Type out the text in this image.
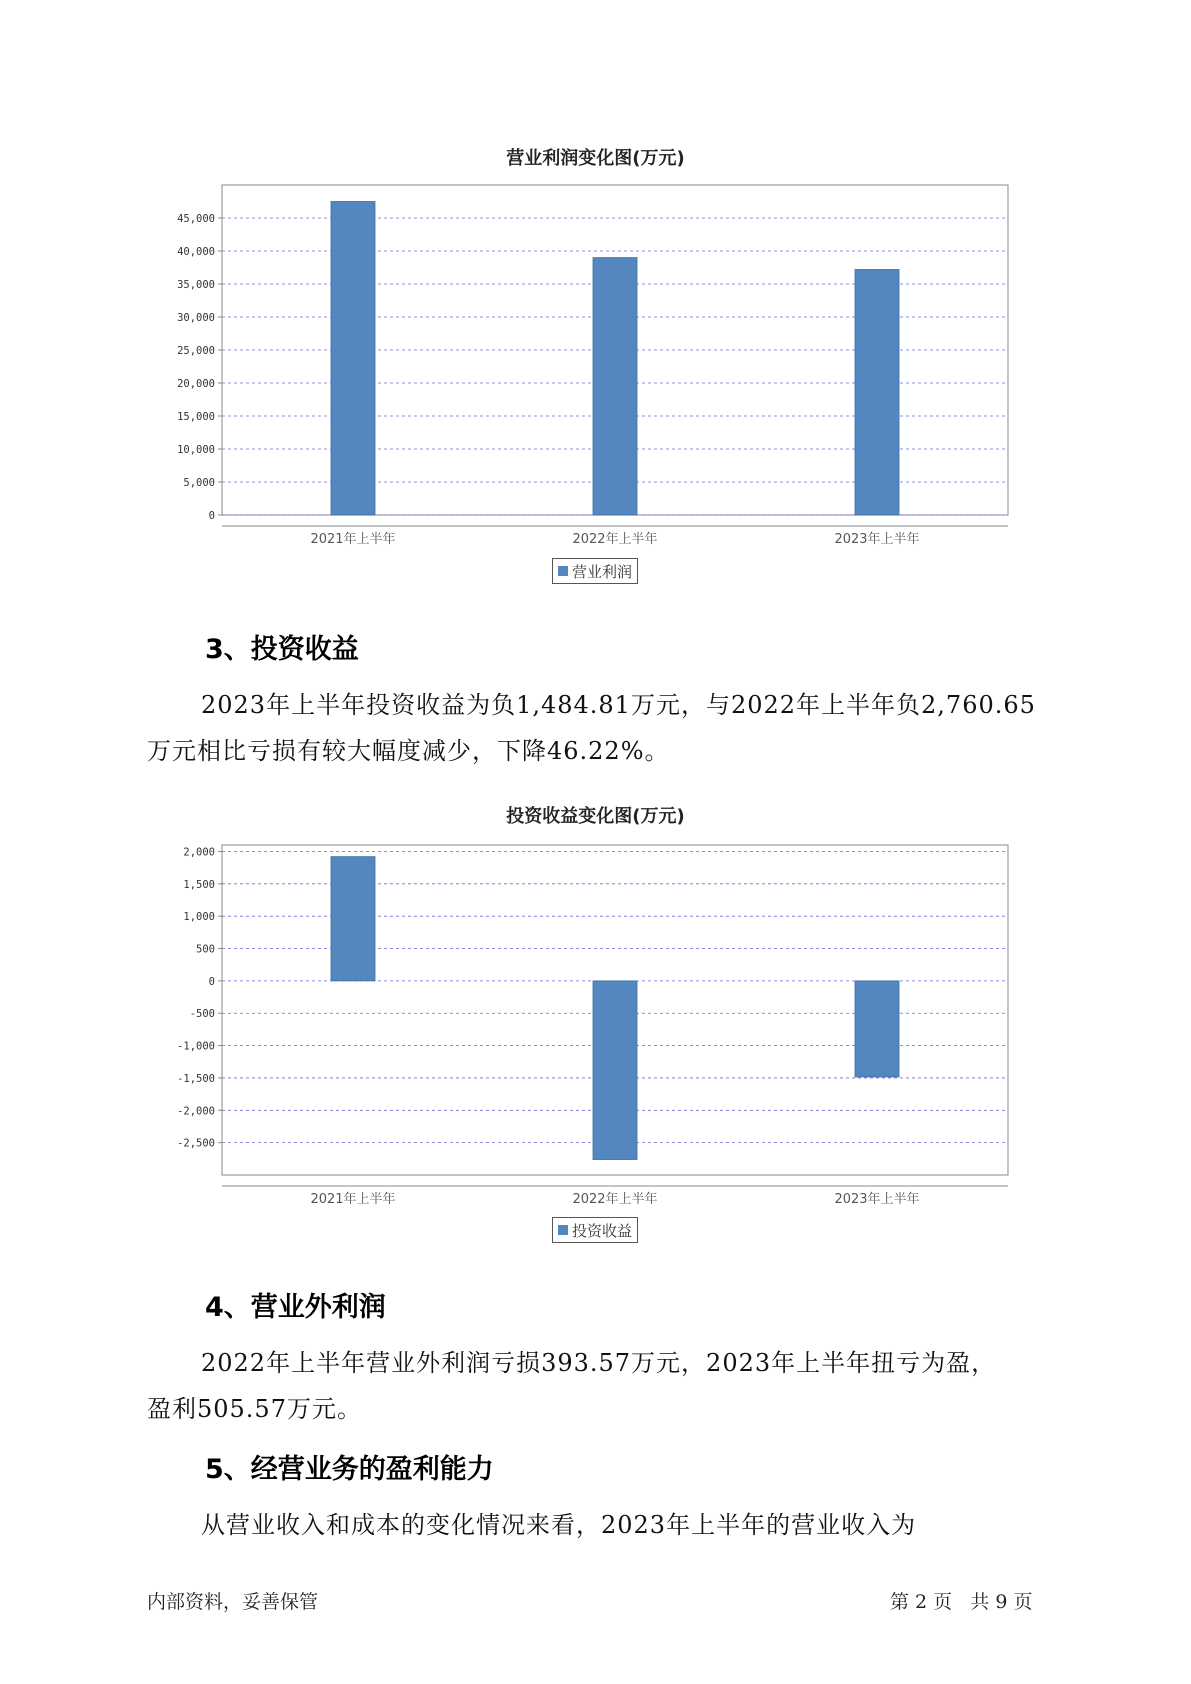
营业利润变化图(万元)
0
5,000
10,000
15,000
20,000
25,000
30,000
35,000
40,000
45,000
2021年上半年	2022年上半年	2023年上半年
营业利润
3、投资收益
2023年上半年投资收益为负1,484.81万元，与2022年上半年负2,760.65
万元相比亏损有较大幅度减少，下降46.22%。
投资收益变化图(万元)
-2,500
-2,000
-1,500
-1,000
-500
0
500
1,000
1,500
2,000
2021年上半年	2022年上半年	2023年上半年
投资收益
4、营业外利润
2022年上半年营业外利润亏损393.57万元，2023年上半年扭亏为盈，
盈利505.57万元。
5、经营业务的盈利能力
从营业收入和成本的变化情况来看，2023年上半年的营业收入为
内部资料，妥善保管	第 2 页   共 9 页
